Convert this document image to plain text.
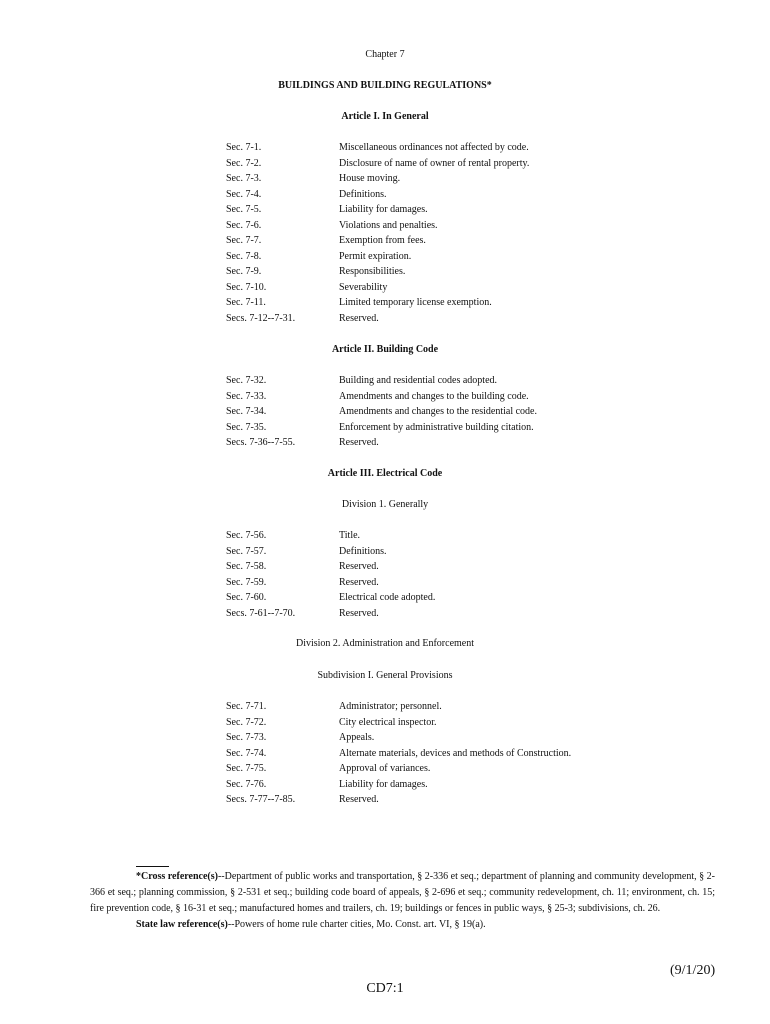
Chapter 7
BUILDINGS AND BUILDING REGULATIONS*
Article I. In General
Sec. 7-1.	Miscellaneous ordinances not affected by code.
Sec. 7-2.	Disclosure of name of owner of rental property.
Sec. 7-3.	House moving.
Sec. 7-4.	Definitions.
Sec. 7-5.	Liability for damages.
Sec. 7-6.	Violations and penalties.
Sec. 7-7.	Exemption from fees.
Sec. 7-8.	Permit expiration.
Sec. 7-9.	Responsibilities.
Sec. 7-10.	Severability
Sec. 7-11.	Limited temporary license exemption.
Secs. 7-12--7-31.	Reserved.
Article II. Building Code
Sec. 7-32.	Building and residential codes adopted.
Sec. 7-33.	Amendments and changes to the building code.
Sec. 7-34.	Amendments and changes to the residential code.
Sec. 7-35.	Enforcement by administrative building citation.
Secs. 7-36--7-55.	Reserved.
Article III. Electrical Code
Division 1. Generally
Sec. 7-56.	Title.
Sec. 7-57.	Definitions.
Sec. 7-58.	Reserved.
Sec. 7-59.	Reserved.
Sec. 7-60.	Electrical code adopted.
Secs. 7-61--7-70.	Reserved.
Division 2. Administration and Enforcement
Subdivision I. General Provisions
Sec. 7-71.	Administrator; personnel.
Sec. 7-72.	City electrical inspector.
Sec. 7-73.	Appeals.
Sec. 7-74.	Alternate materials, devices and methods of Construction.
Sec. 7-75.	Approval of variances.
Sec. 7-76.	Liability for damages.
Secs. 7-77--7-85.	Reserved.
*Cross reference(s)--Department of public works and transportation, § 2-336 et seq.; department of planning and community development, § 2-366 et seq.; planning commission, § 2-531 et seq.; building code board of appeals, § 2-696 et seq.; community redevelopment, ch. 11; environment, ch. 15; fire prevention code, § 16-31 et seq.; manufactured homes and trailers, ch. 19; buildings or fences in public ways, § 25-3; subdivisions, ch. 26.
State law reference(s)--Powers of home rule charter cities, Mo. Const. art. VI, § 19(a).
(9/1/20)
CD7:1
